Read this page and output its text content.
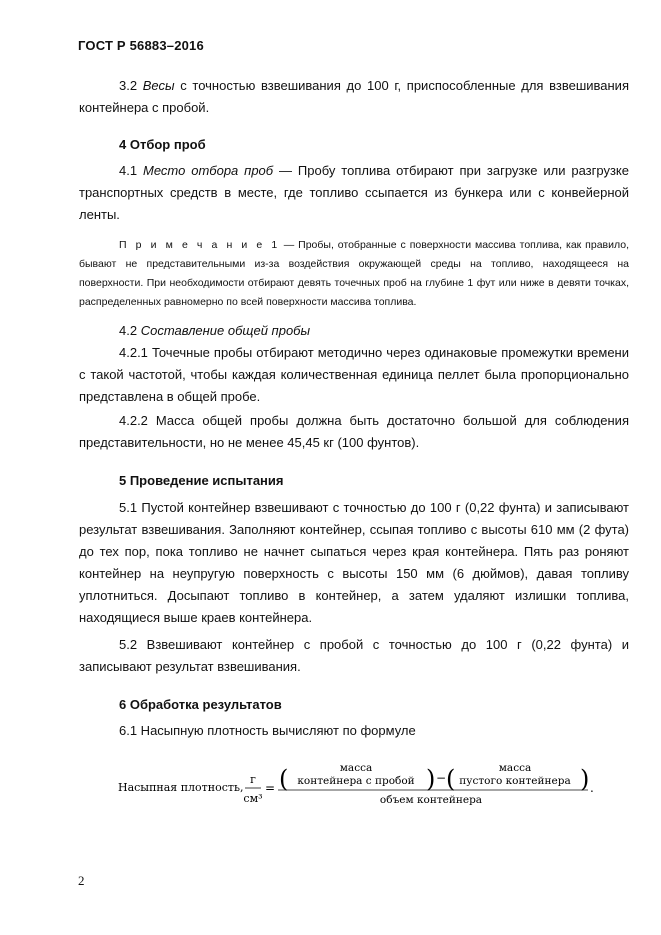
ГОСТ Р 56883–2016

3.2 Весы с точностью взвешивания до 100 г, приспособленные для взвешивания контейнера с пробой.

4 Отбор проб

4.1 Место отбора проб — Пробу топлива отбирают при загрузке или разгрузке транспортных средств в месте, где топливо ссыпается из бункера или с конвейерной ленты.

П р и м е ч а н и е 1 — Пробы, отобранные с поверхности массива топлива, как правило, бывают не представительными из-за воздействия окружающей среды на топливо, находящееся на поверхности. При необходимости отбирают девять точечных проб на глубине 1 фут или ниже в девяти точках, распределенных равномерно по всей поверхности массива топлива.

4.2 Составление общей пробы

4.2.1 Точечные пробы отбирают методично через одинаковые промежутки времени с такой частотой, чтобы каждая количественная единица пеллет была пропорционально представлена в общей пробе.

4.2.2 Масса общей пробы должна быть достаточно большой для соблюдения представительности, но не менее 45,45 кг (100 фунтов).

5 Проведение испытания

5.1 Пустой контейнер взвешивают с точностью до 100 г (0,22 фунта) и записывают результат взвешивания. Заполняют контейнер, ссыпая топливо с высоты 610 мм (2 фута) до тех пор, пока топливо не начнет сыпаться через края контейнера. Пять раз роняют контейнер на неупругую поверхность с высоты 150 мм (6 дюймов), давая топливу уплотниться. Досыпают топливо в контейнер, а затем удаляют излишки топлива, находящиеся выше краев контейнера.

5.2 Взвешивают контейнер с пробой с точностью до 100 г (0,22 фунта) и записывают результат взвешивания.

6 Обработка результатов

6.1 Насыпную плотность вычисляют по формуле

Насыпная плотность,
г
см³
= (	масса
контейнера с пробой ) − (	масса
пустого контейнера )
объем контейнера
.
2
